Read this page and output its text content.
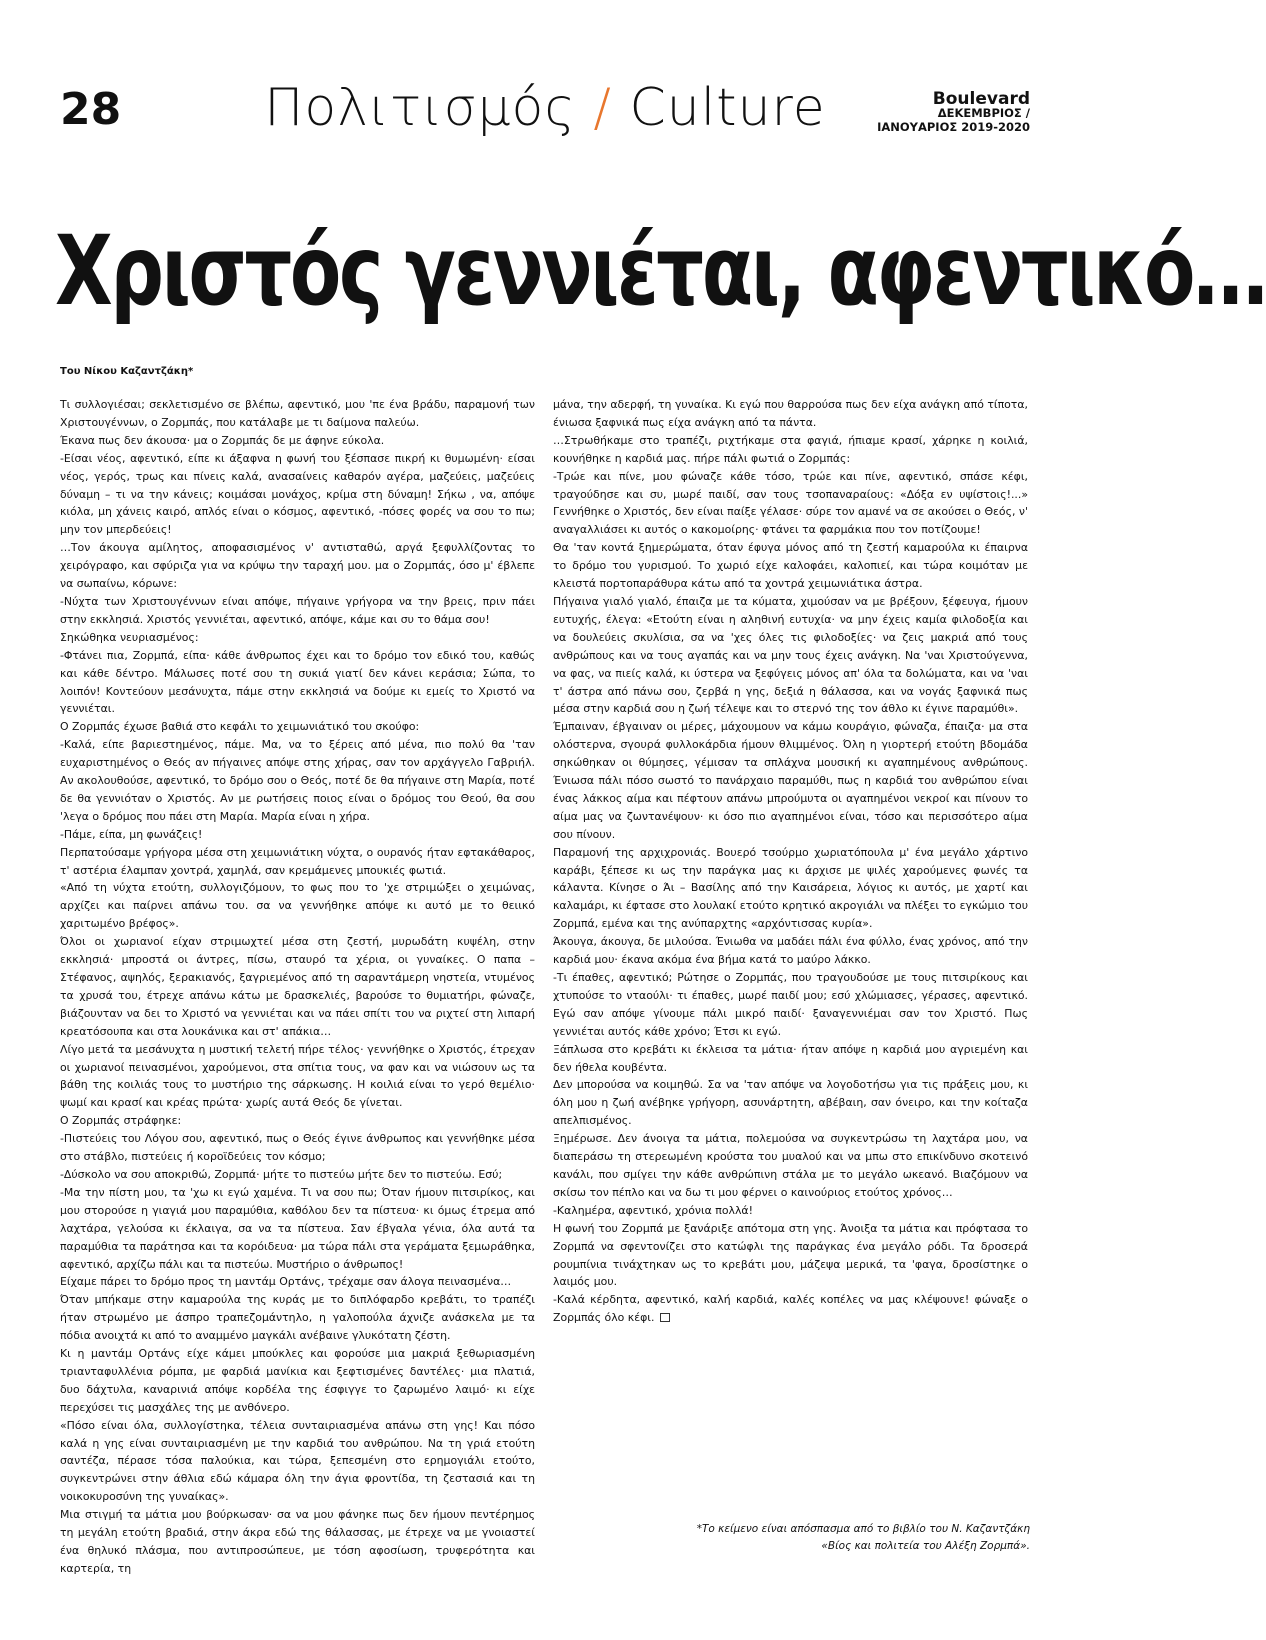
28	Πολιτισμός / Culture	Boulevard
ΔΕΚΕΜΒΡΙΟΣ /
ΙΑΝΟΥΑΡΙΟΣ 2019-2020
Χριστός γεννιέται, αφεντικό…
Του Νίκου Καζαντζάκη*

Τι συλλογιέσαι; σεκλετισμένο σε βλέπω, αφεντικό, μου 'πε ένα βράδυ, παραμονή των Χριστουγέννων, ο Ζορμπάς, που κατάλαβε με τι δαίμονα παλεύω.

Έκανα πως δεν άκουσα· μα ο Ζορμπάς δε με άφηνε εύκολα.

-Είσαι νέος, αφεντικό, είπε κι άξαφνα η φωνή του ξέσπασε πικρή κι θυμωμένη· είσαι νέος, γερός, τρως και πίνεις καλά, ανασαίνεις καθαρόν αγέρα, μαζεύεις, μαζεύεις δύναμη – τι να την κάνεις; κοιμάσαι μονάχος, κρίμα στη δύναμη! Σήκω , να, απόψε κιόλα, μη χάνεις καιρό, απλός είναι ο κόσμος, αφεντικό, -πόσες φορές να σου το πω; μην τον μπερδεύεις!

…Τον άκουγα αμίλητος, αποφασισμένος ν' αντισταθώ, αργά ξεφυλλίζοντας το χειρόγραφο, και σφύριζα για να κρύψω την ταραχή μου. μα ο Ζορμπάς, όσο μ' έβλεπε να σωπαίνω, κόρωνε:

-Νύχτα των Χριστουγέννων είναι απόψε, πήγαινε γρήγορα να την βρεις, πριν πάει στην εκκλησιά. Χριστός γεννιέται, αφεντικό, απόψε, κάμε και συ το θάμα σου!

Σηκώθηκα νευριασμένος:

-Φτάνει πια, Ζορμπά, είπα· κάθε άνθρωπος έχει και το δρόμο τον εδικό του, καθώς και κάθε δέντρο. Μάλωσες ποτέ σου τη συκιά γιατί δεν κάνει κεράσια; Σώπα, το λοιπόν! Κοντεύουν μεσάνυχτα, πάμε στην εκκλησιά να δούμε κι εμείς το Χριστό να γεννιέται.

Ο Ζορμπάς έχωσε βαθιά στο κεφάλι το χειμωνιάτικό του σκούφο:

-Καλά, είπε βαριεστημένος, πάμε. Μα, να το ξέρεις από μένα, πιο πολύ θα 'ταν ευχαριστημένος ο Θεός αν πήγαινες απόψε στης χήρας, σαν τον αρχάγγελο Γαβριήλ. Αν ακολουθούσε, αφεντικό, το δρόμο σου ο Θεός, ποτέ δε θα πήγαινε στη Μαρία, ποτέ δε θα γεννιόταν ο Χριστός. Αν με ρωτήσεις ποιος είναι ο δρόμος του Θεού, θα σου 'λεγα ο δρόμος που πάει στη Μαρία. Μαρία είναι η χήρα.

-Πάμε, είπα, μη φωνάζεις!

Περπατούσαμε γρήγορα μέσα στη χειμωνιάτικη νύχτα, ο ουρανός ήταν εφτακάθαρος, τ' αστέρια έλαμπαν χοντρά, χαμηλά, σαν κρεμάμενες μπουκιές φωτιά.

«Από τη νύχτα ετούτη, συλλογιζόμουν, το φως που το 'χε στριμώξει ο χειμώνας, αρχίζει και παίρνει απάνω του. σα να γεννήθηκε απόψε κι αυτό με το θειικό χαριτωμένο βρέφος».

Όλοι οι χωριανοί είχαν στριμωχτεί μέσα στη ζεστή, μυρωδάτη κυψέλη, στην εκκλησιά· μπροστά οι άντρες, πίσω, σταυρό τα χέρια, οι γυναίκες. Ο παπα – Στέφανος, αψηλός, ξερακιανός, ξαγριεμένος από τη σαραντάμερη νηστεία, ντυμένος τα χρυσά του, έτρεχε απάνω κάτω με δρασκελιές, βαρούσε το θυμιατήρι, φώναζε, βιάζουνταν να δει το Χριστό να γεννιέται και να πάει σπίτι του να ριχτεί στη λιπαρή κρεατόσουπα και στα λουκάνικα και στ' απάκια…

Λίγο μετά τα μεσάνυχτα η μυστική τελετή πήρε τέλος· γεννήθηκε ο Χριστός, έτρεχαν οι χωριανοί πεινασμένοι, χαρούμενοι, στα σπίτια τους, να φαν και να νιώσουν ως τα βάθη της κοιλιάς τους το μυστήριο της σάρκωσης. Η κοιλιά είναι το γερό θεμέλιο· ψωμί και κρασί και κρέας πρώτα· χωρίς αυτά Θεός δε γίνεται.

Ο Ζορμπάς στράφηκε:

-Πιστεύεις του Λόγου σου, αφεντικό, πως ο Θεός έγινε άνθρωπος και γεννήθηκε μέσα στο στάβλο, πιστεύεις ή κοροϊδεύεις τον κόσμο;

-Δύσκολο να σου αποκριθώ, Ζορμπά· μήτε το πιστεύω μήτε δεν το πιστεύω. Εσύ;

-Μα την πίστη μου, τα 'χω κι εγώ χαμένα. Τι να σου πω; Όταν ήμουν πιτσιρίκος, και μου στορούσε η γιαγιά μου παραμύθια, καθόλου δεν τα πίστευα· κι όμως έτρεμα από λαχτάρα, γελούσα κι έκλαιγα, σα να τα πίστευα. Σαν έβγαλα γένια, όλα αυτά τα παραμύθια τα παράτησα και τα κορόιδευα· μα τώρα πάλι στα γεράματα ξεμωράθηκα, αφεντικό, αρχίζω πάλι και τα πιστεύω. Μυστήριο ο άνθρωπος!

Είχαμε πάρει το δρόμο προς τη μαντάμ Ορτάνς, τρέχαμε σαν άλογα πεινασμένα…

Όταν μπήκαμε στην καμαρούλα της κυράς με το διπλόφαρδο κρεβάτι, το τραπέζι ήταν στρωμένο με άσπρο τραπεζομάντηλο, η γαλοπούλα άχνιζε ανάσκελα με τα πόδια ανοιχτά κι από το αναμμένο μαγκάλι ανέβαινε γλυκότατη ζέστη.

Κι η μαντάμ Ορτάνς είχε κάμει μπούκλες και φορούσε μια μακριά ξεθωριασμένη τριανταφυλλένια ρόμπα, με φαρδιά μανίκια και ξεφτισμένες δαντέλες· μια πλατιά, δυο δάχτυλα, καναρινιά απόψε κορδέλα της έσφιγγε το ζαρωμένο λαιμό· κι είχε περεχύσει τις μασχάλες της με ανθόνερο.

«Πόσο είναι όλα, συλλογίστηκα, τέλεια συνταιριασμένα απάνω στη γης! Και πόσο καλά η γης είναι συνταιριασμένη με την καρδιά του ανθρώπου. Να τη γριά ετούτη σαντέζα, πέρασε τόσα παλούκια, και τώρα, ξεπεσμένη στο ερημογιάλι ετούτο, συγκεντρώνει στην άθλια εδώ κάμαρα όλη την άγια φροντίδα, τη ζεστασιά και τη νοικοκυροσύνη της γυναίκας».

Μια στιγμή τα μάτια μου βούρκωσαν· σα να μου φάνηκε πως δεν ήμουν πεντέρημος τη μεγάλη ετούτη βραδιά, στην άκρα εδώ της θάλασσας, με έτρεχε να με γνοιαστεί ένα θηλυκό πλάσμα, που αντιπροσώπευε, με τόση αφοσίωση, τρυφερότητα και καρτερία, τη

μάνα, την αδερφή, τη γυναίκα. Κι εγώ που θαρρούσα πως δεν είχα ανάγκη από τίποτα, ένιωσα ξαφνικά πως είχα ανάγκη από τα πάντα.

…Στρωθήκαμε στο τραπέζι, ριχτήκαμε στα φαγιά, ήπιαμε κρασί, χάρηκε η κοιλιά, κουνήθηκε η καρδιά μας. πήρε πάλι φωτιά ο Ζορμπάς:

-Τρώε και πίνε, μου φώναζε κάθε τόσο, τρώε και πίνε, αφεντικό, σπάσε κέφι, τραγούδησε και συ, μωρέ παιδί, σαν τους τσοπαναραίους: «Δόξα εν υψίστοις!...» Γεννήθηκε ο Χριστός, δεν είναι παίξε γέλασε· σύρε τον αμανέ να σε ακούσει ο Θεός, ν' αναγαλλιάσει κι αυτός ο κακομοίρης· φτάνει τα φαρμάκια που τον ποτίζουμε!

Θα 'ταν κοντά ξημερώματα, όταν έφυγα μόνος από τη ζεστή καμαρούλα κι έπαιρνα το δρόμο του γυρισμού. Το χωριό είχε καλοφάει, καλοπιεί, και τώρα κοιμόταν με κλειστά πορτοπαράθυρα κάτω από τα χοντρά χειμωνιάτικα άστρα.

Πήγαινα γιαλό γιαλό, έπαιζα με τα κύματα, χιμούσαν να με βρέξουν, ξέφευγα, ήμουν ευτυχής, έλεγα: «Ετούτη είναι η αληθινή ευτυχία· να μην έχεις καμία φιλοδοξία και να δουλεύεις σκυλίσια, σα να 'χες όλες τις φιλοδοξίες· να ζεις μακριά από τους ανθρώπους και να τους αγαπάς και να μην τους έχεις ανάγκη. Να 'ναι Χριστούγεννα, να φας, να πιείς καλά, κι ύστερα να ξεφύγεις μόνος απ' όλα τα δολώματα, και να 'ναι τ' άστρα από πάνω σου, ζερβά η γης, δεξιά η θάλασσα, και να νογάς ξαφνικά πως μέσα στην καρδιά σου η ζωή τέλεψε και το στερνό της τον άθλο κι έγινε παραμύθι».

Έμπαιναν, έβγαιναν οι μέρες, μάχουμουν να κάμω κουράγιο, φώναζα, έπαιζα· μα στα ολόστερνα, σγουρά φυλλοκάρδια ήμουν θλιμμένος. Όλη η γιορτερή ετούτη βδομάδα σηκώθηκαν οι θύμησες, γέμισαν τα σπλάχνα μουσική κι αγαπημένους ανθρώπους. Ένιωσα πάλι πόσο σωστό το πανάρχαιο παραμύθι, πως η καρδιά του ανθρώπου είναι ένας λάκκος αίμα και πέφτουν απάνω μπρούμυτα οι αγαπημένοι νεκροί και πίνουν το αίμα μας να ζωντανέψουν· κι όσο πιο αγαπημένοι είναι, τόσο και περισσότερο αίμα σου πίνουν.

Παραμονή της αρχιχρονιάς. Βουερό τσούρμο χωριατόπουλα μ' ένα μεγάλο χάρτινο καράβι, ξέπεσε κι ως την παράγκα μας κι άρχισε με ψιλές χαρούμενες φωνές τα κάλαντα. Κίνησε ο Άι – Βασίλης από την Καισάρεια, λόγιος κι αυτός, με χαρτί και καλαμάρι, κι έφτασε στο λουλακί ετούτο κρητικό ακρογιάλι να πλέξει το εγκώμιο του Ζορμπά, εμένα και της ανύπαρχτης «αρχόντισσας κυρία».

Άκουγα, άκουγα, δε μιλούσα. Ένιωθα να μαδάει πάλι ένα φύλλο, ένας χρόνος, από την καρδιά μου· έκανα ακόμα ένα βήμα κατά το μαύρο λάκκο.

-Τι έπαθες, αφεντικό; Ρώτησε ο Ζορμπάς, που τραγουδούσε με τους πιτσιρίκους και χτυπούσε το νταούλι· τι έπαθες, μωρέ παιδί μου; εσύ χλώμιασες, γέρασες, αφεντικό. Εγώ σαν απόψε γίνουμε πάλι μικρό παιδί· ξαναγεννιέμαι σαν τον Χριστό. Πως γεννιέται αυτός κάθε χρόνο; Έτσι κι εγώ.

Ξάπλωσα στο κρεβάτι κι έκλεισα τα μάτια· ήταν απόψε η καρδιά μου αγριεμένη και δεν ήθελα κουβέντα.

Δεν μπορούσα να κοιμηθώ. Σα να 'ταν απόψε να λογοδοτήσω για τις πράξεις μου, κι όλη μου η ζωή ανέβηκε γρήγορη, ασυνάρτητη, αβέβαιη, σαν όνειρο, και την κοίταζα απελπισμένος.

Ξημέρωσε. Δεν άνοιγα τα μάτια, πολεμούσα να συγκεντρώσω τη λαχτάρα μου, να διαπεράσω τη στερεωμένη κρούστα του μυαλού και να μπω στο επικίνδυνο σκοτεινό κανάλι, που σμίγει την κάθε ανθρώπινη στάλα με το μεγάλο ωκεανό. Βιαζόμουν να σκίσω τον πέπλο και να δω τι μου φέρνει ο καινούριος ετούτος χρόνος…

-Καλημέρα, αφεντικό, χρόνια πολλά!

Η φωνή του Ζορμπά με ξανάριξε απότομα στη γης. Άνοιξα τα μάτια και πρόφτασα το Ζορμπά να σφεντονίζει στο κατώφλι της παράγκας ένα μεγάλο ρόδι. Τα δροσερά ρουμπίνια τινάχτηκαν ως το κρεβάτι μου, μάζεψα μερικά, τα 'φαγα, δροσίστηκε ο λαιμός μου.

-Καλά κέρδητα, αφεντικό, καλή καρδιά, καλές κοπέλες να μας κλέψουνε! φώναξε ο Ζορμπάς όλο κέφι.

*Το κείμενο είναι απόσπασμα από το βιβλίο του Ν. Καζαντζάκη
«Βίος και πολιτεία του Αλέξη Ζορμπά».
